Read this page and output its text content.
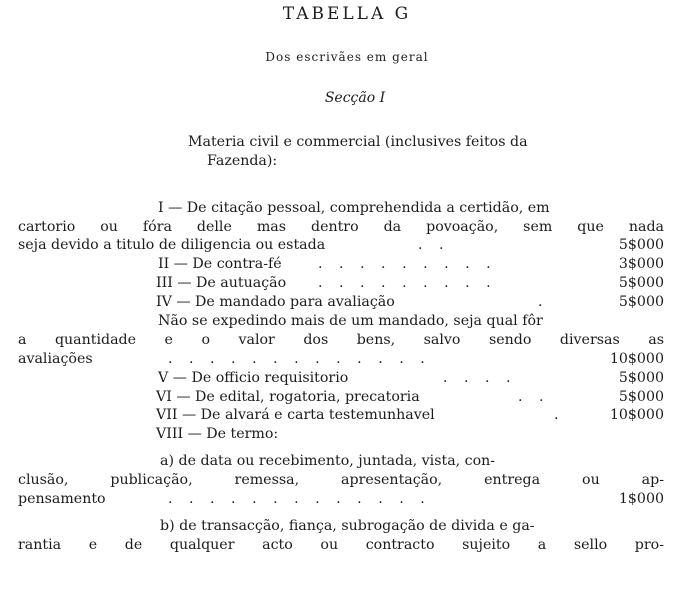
TABELLA G
Dos escrivães em geral
Secção I
Materia civil e commercial (inclusives feitos da
Fazenda):
I — De citação pessoal, comprehendida a certidão, em
cartorio ou fóra delle mas dentro da povoação, sem que nada
seja devido a titulo de diligencia ou estada	. .	5$000
II — De contra-fé	. . . . . . . . .	3$000
III — De autuação . . . . . . . . .	5$000
IV — De mandado para avaliação	.	5$000
Não se expedindo mais de um mandado, seja qual fôr
a quantidade e o valor dos bens, salvo sendo diversas as
avaliações	. . . . . . . . . . . . .	10$000
V — De officio requisitorio	. . . .	5$000
VI — De edital, rogatoria, precatoria	. .	5$000
VII — De alvará e carta testemunhavel	.	10$000
VIII — De termo:
a) de data ou recebimento, juntada, vista, con-
clusão, publicação, remessa, apresentação, entrega ou ap-
pensamento	. . . . . . . . . . . . .	1$000
b) de transacção, fiança, subrogação de divida e ga-
rantia e de qualquer acto ou contracto sujeito a sello pro-
